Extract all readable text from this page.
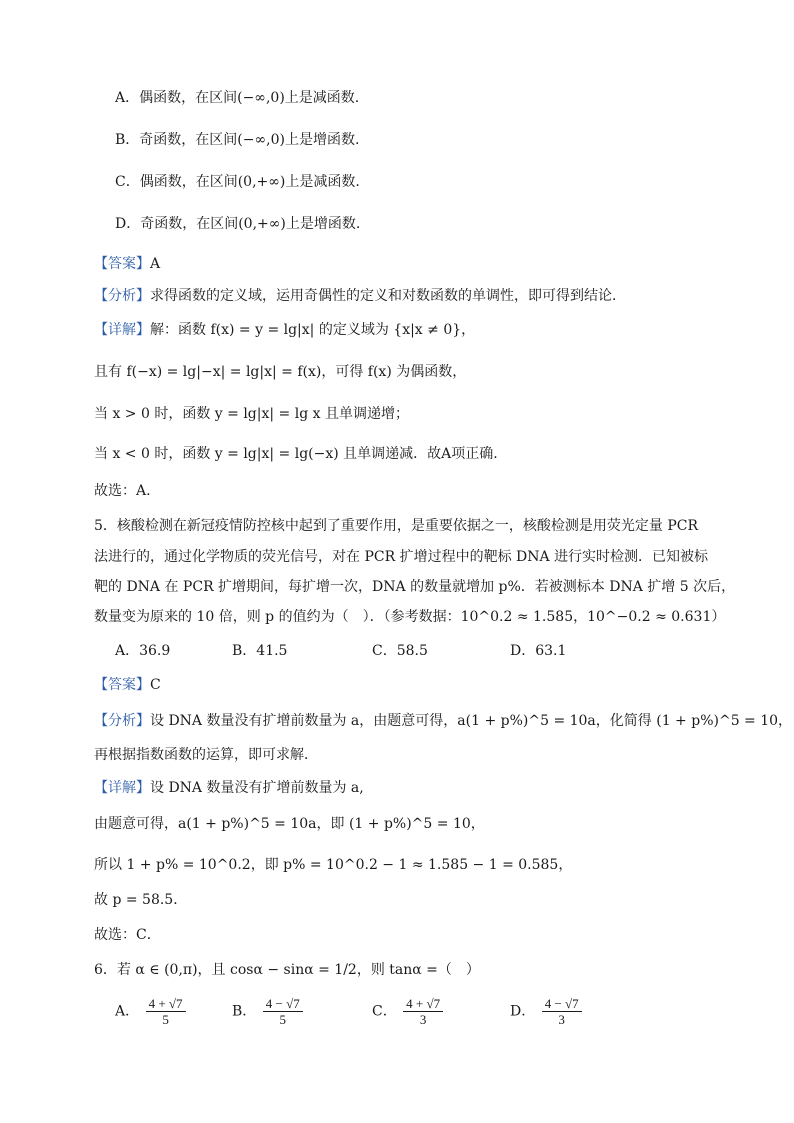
A．偶函数，在区间(−∞,0)上是减函数.
B．奇函数，在区间(−∞,0)上是增函数.
C．偶函数，在区间(0,+∞)上是减函数.
D．奇函数，在区间(0,+∞)上是增函数.
【答案】A
【分析】求得函数的定义域，运用奇偶性的定义和对数函数的单调性，即可得到结论．
【详解】解：函数 f(x) = y = lg|x| 的定义域为 {x|x ≠ 0}，
且有 f(−x) = lg|−x| = lg|x| = f(x)，可得 f(x) 为偶函数，
当 x > 0 时，函数 y = lg|x| = lg x 且单调递增；
当 x < 0 时，函数 y = lg|x| = lg(−x) 且单调递减．故A项正确.
故选：A.
5．核酸检测在新冠疫情防控核中起到了重要作用，是重要依据之一，核酸检测是用荧光定量 PCR
法进行的，通过化学物质的荧光信号，对在 PCR 扩增过程中的靶标 DNA 进行实时检测．已知被标
靶的 DNA 在 PCR 扩增期间，每扩增一次，DNA 的数量就增加 p%．若被测标本 DNA 扩增 5 次后，
数量变为原来的 10 倍，则 p 的值约为（　）．（参考数据：10^0.2 ≈ 1.585，10^−0.2 ≈ 0.631）
A．36.9	B．41.5	C．58.5	D．63.1
【答案】C
【分析】设 DNA 数量没有扩增前数量为 a，由题意可得，a(1 + p%)^5 = 10a，化简得 (1 + p%)^5 = 10，
再根据指数函数的运算，即可求解．
【详解】设 DNA 数量没有扩增前数量为 a,
由题意可得，a(1 + p%)^5 = 10a，即 (1 + p%)^5 = 10，
所以 1 + p% = 10^0.2，即 p% = 10^0.2 − 1 ≈ 1.585 − 1 = 0.585，
故 p = 58.5．
故选：C．
6．若 α ∈ (0,π)，且 cosα − sinα = 1/2，则 tanα =（　）
A． $\frac{4 + √7}{5}$	B． $\frac{4 - √7}{5}$	C． $\frac{4 + √7}{3}$	D． $\frac{4 - √7}{3}$
